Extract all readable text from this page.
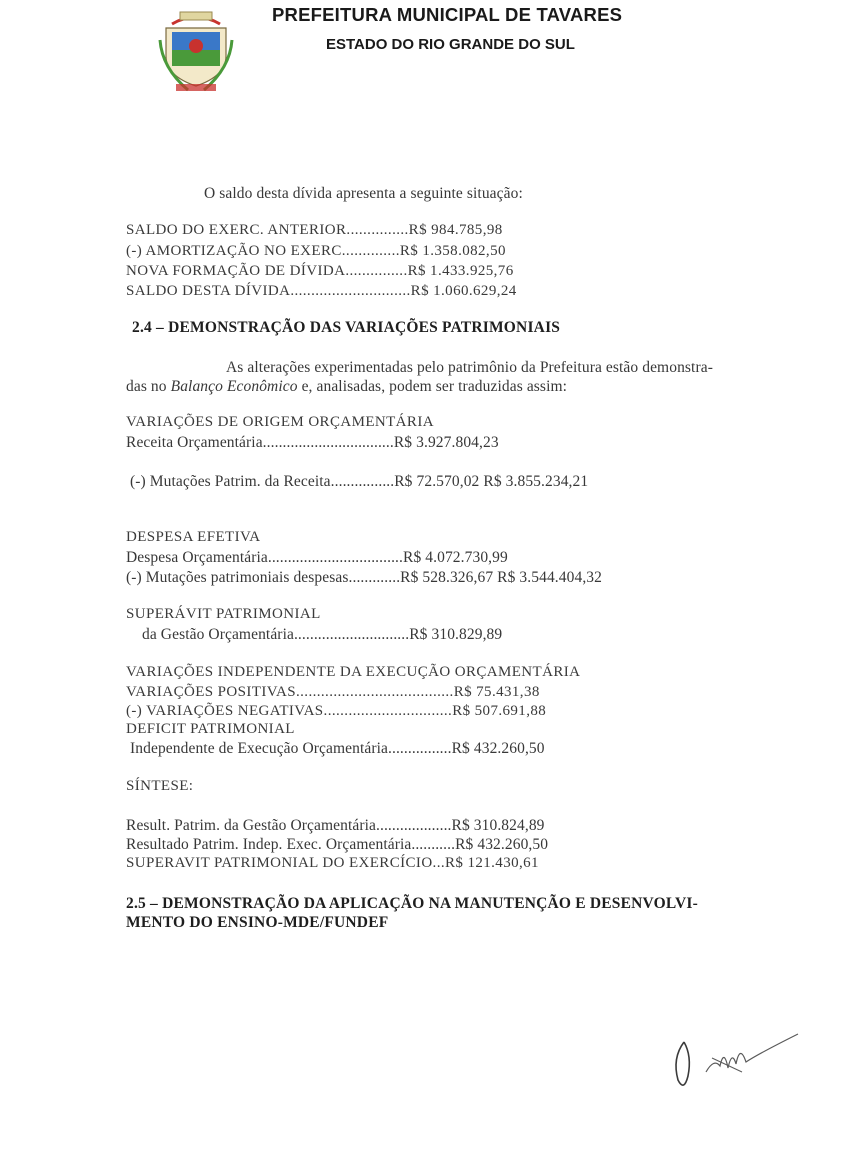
PREFEITURA MUNICIPAL DE TAVARES
ESTADO DO RIO GRANDE DO SUL
O saldo desta dívida apresenta a seguinte situação:
SALDO DO EXERC. ANTERIOR...............R$ 984.785,98
(-) AMORTIZAÇÃO NO EXERC..............R$ 1.358.082,50
NOVA FORMAÇÃO DE DÍVIDA...............R$ 1.433.925,76
SALDO DESTA DÍVIDA.............................R$ 1.060.629,24
2.4 – DEMONSTRAÇÃO DAS VARIAÇÕES PATRIMONIAIS
As alterações experimentadas pelo patrimônio da Prefeitura estão demonstra-
das no Balanço Econômico e, analisadas, podem ser traduzidas assim:
VARIAÇÕES DE ORIGEM ORÇAMENTÁRIA
Receita Orçamentária.................................R$ 3.927.804,23
(-) Mutações Patrim. da Receita................R$ 72.570,02 R$ 3.855.234,21
DESPESA EFETIVA
Despesa Orçamentária..................................R$ 4.072.730,99
(-) Mutações patrimoniais despesas.............R$ 528.326,67 R$ 3.544.404,32
SUPERÁVIT PATRIMONIAL
da Gestão Orçamentária.............................R$ 310.829,89
VARIAÇÕES INDEPENDENTE DA EXECUÇÃO ORÇAMENTÁRIA
VARIAÇÕES POSITIVAS......................................R$ 75.431,38
(-) VARIAÇÕES NEGATIVAS...............................R$ 507.691,88
DEFICIT PATRIMONIAL
Independente de Execução Orçamentária................R$ 432.260,50
SÍNTESE:
Result. Patrim. da Gestão Orçamentária...................R$ 310.824,89
Resultado Patrim. Indep. Exec. Orçamentária...........R$ 432.260,50
SUPERAVIT PATRIMONIAL DO EXERCÍCIO...R$ 121.430,61
2.5 – DEMONSTRAÇÃO DA APLICAÇÃO NA MANUTENÇÃO E DESENVOLVI-
MENTO DO ENSINO-MDE/FUNDEF
